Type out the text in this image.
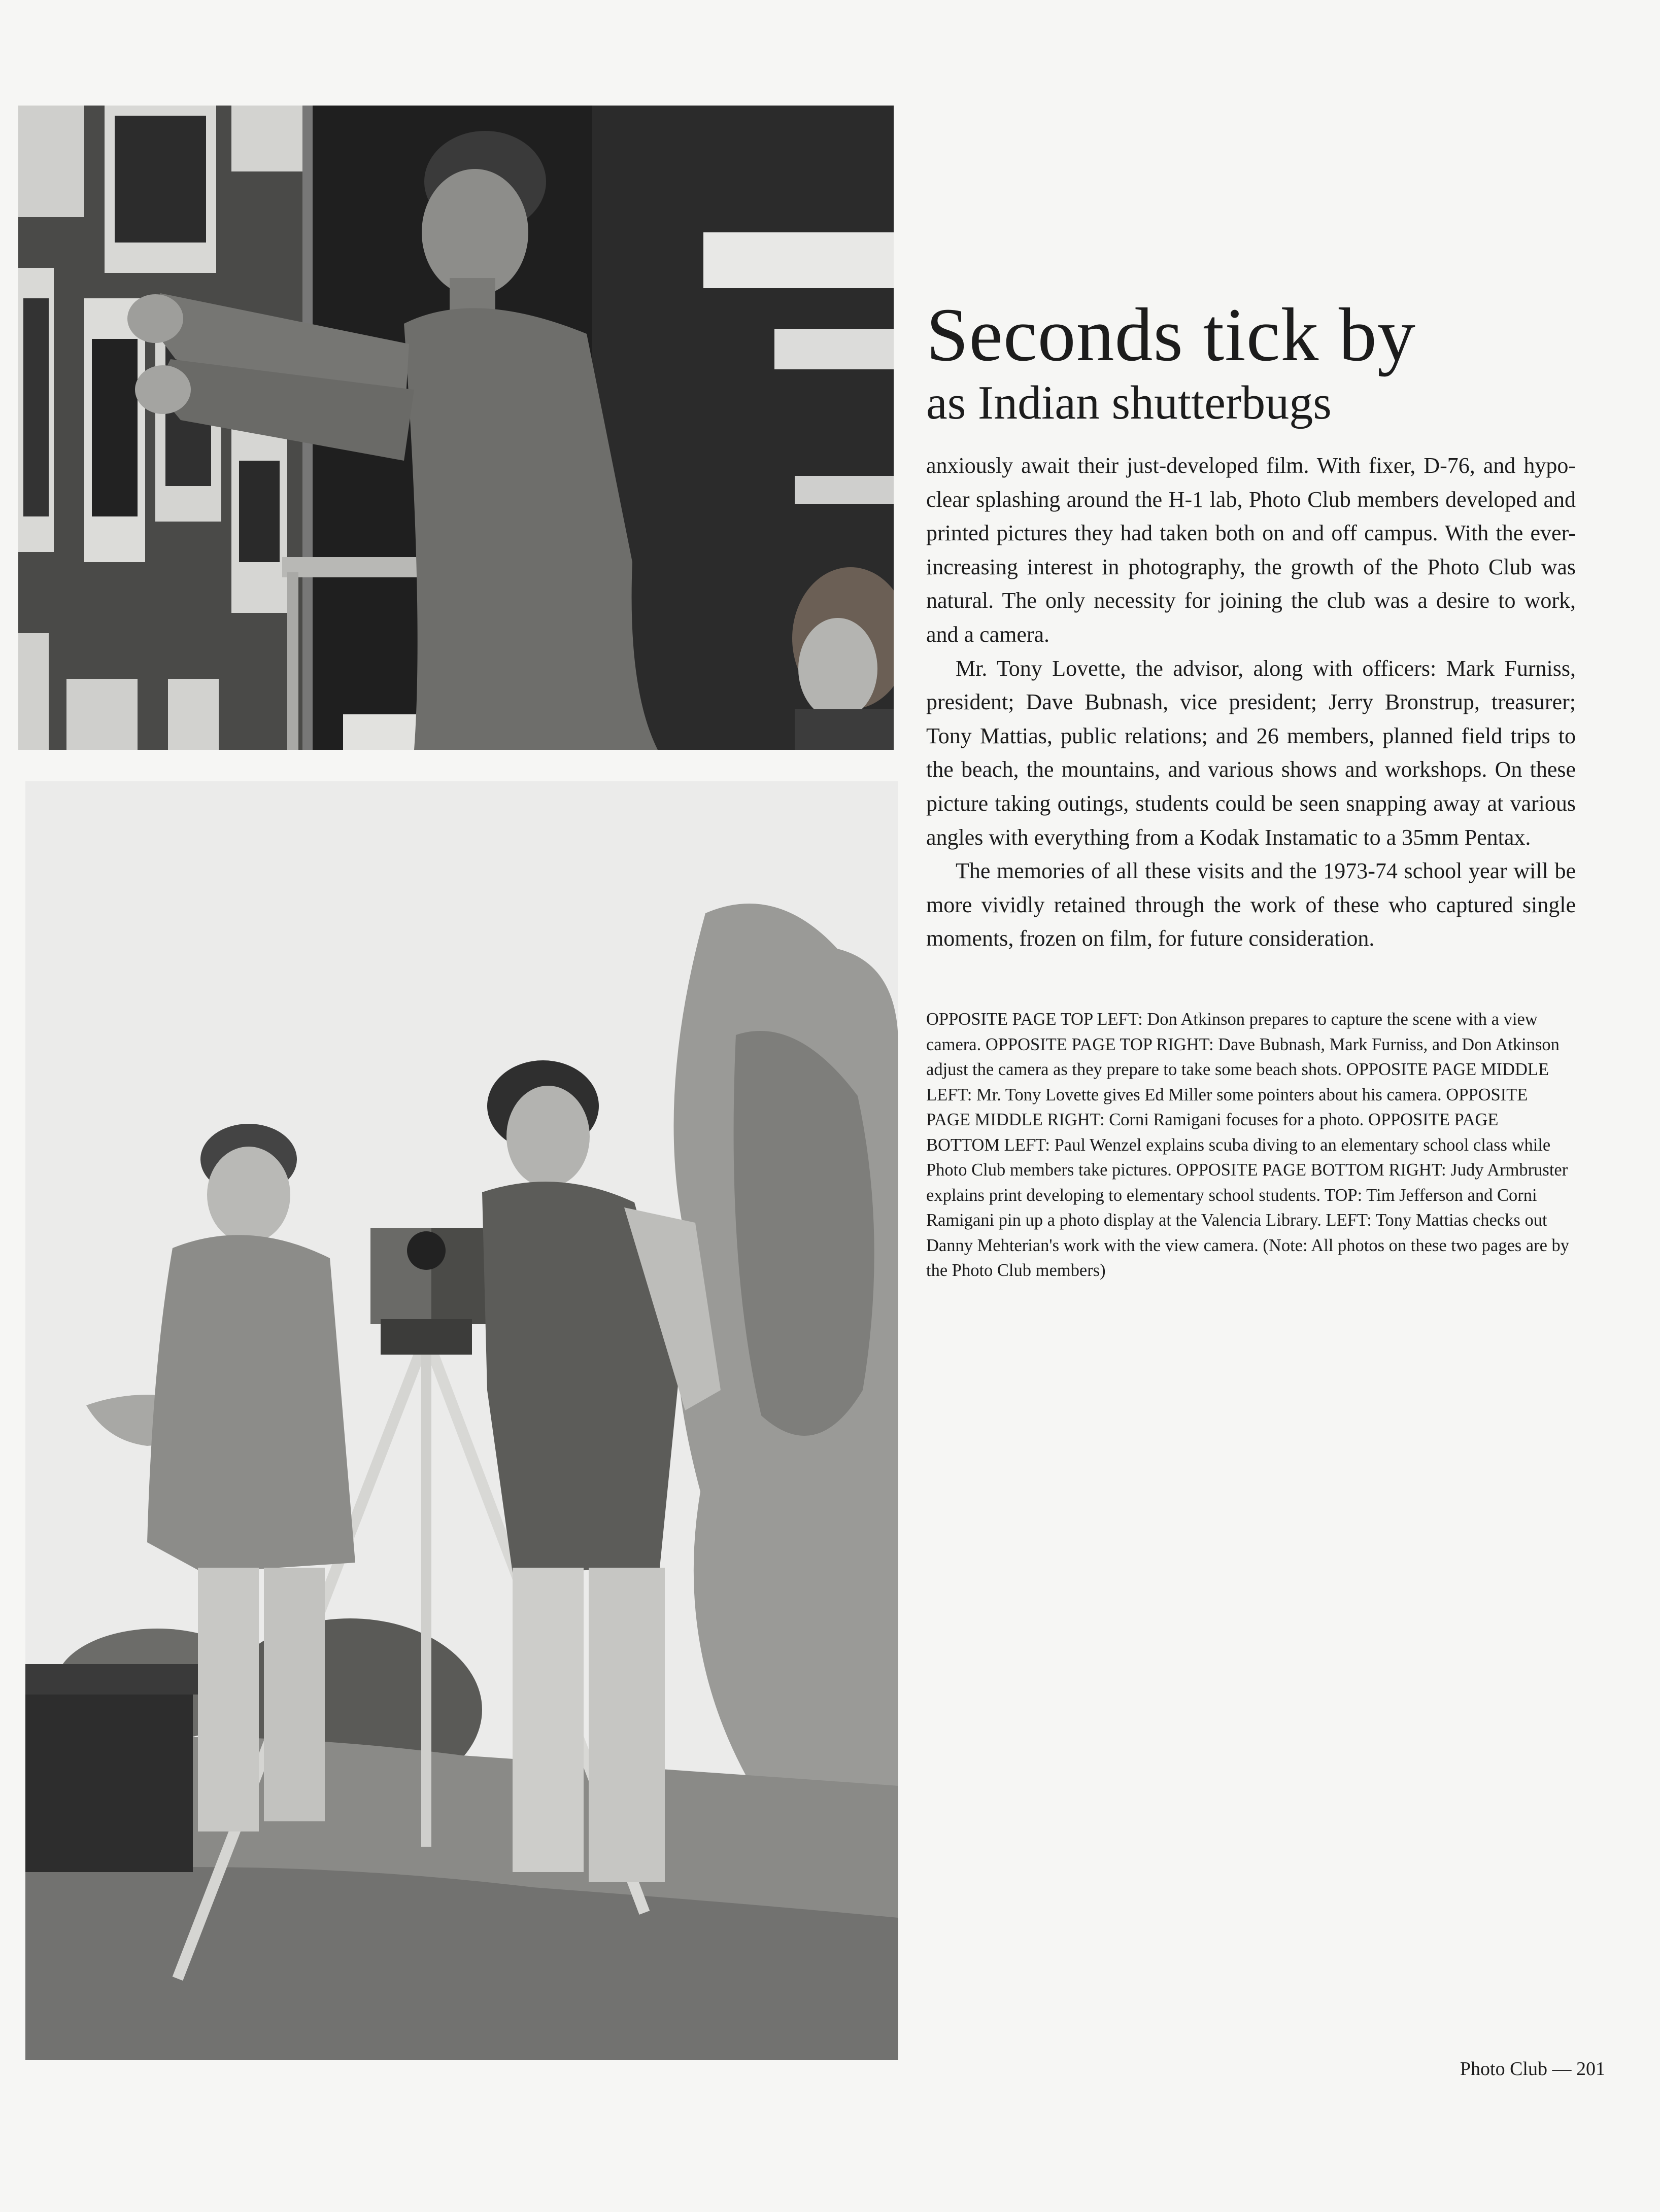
Seconds tick by
as Indian shutterbugs

anxiously await their just-developed film. With fixer, D-76, and hypo-clear splashing around the H-1 lab, Photo Club members developed and printed pictures they had taken both on and off campus. With the ever-increasing interest in photography, the growth of the Photo Club was natural. The only necessity for joining the club was a desire to work, and a camera.

Mr. Tony Lovette, the advisor, along with officers: Mark Furniss, president; Dave Bubnash, vice president; Jerry Bronstrup, treasurer; Tony Mattias, public relations; and 26 members, planned field trips to the beach, the mountains, and various shows and workshops. On these picture taking outings, students could be seen snapping away at various angles with everything from a Kodak Instamatic to a 35mm Pentax.

The memories of all these visits and the 1973-74 school year will be more vividly retained through the work of these who captured single moments, frozen on film, for future consideration.

OPPOSITE PAGE TOP LEFT: Don Atkinson prepares to capture the scene with a view camera. OPPOSITE PAGE TOP RIGHT: Dave Bubnash, Mark Furniss, and Don Atkinson adjust the camera as they prepare to take some beach shots. OPPOSITE PAGE MIDDLE LEFT: Mr. Tony Lovette gives Ed Miller some pointers about his camera. OPPOSITE PAGE MIDDLE RIGHT: Corni Ramigani focuses for a photo. OPPOSITE PAGE BOTTOM LEFT: Paul Wenzel explains scuba diving to an elementary school class while Photo Club members take pictures. OPPOSITE PAGE BOTTOM RIGHT: Judy Armbruster explains print developing to elementary school students. TOP: Tim Jefferson and Corni Ramigani pin up a photo display at the Valencia Library. LEFT: Tony Mattias checks out Danny Mehterian's work with the view camera. (Note: All photos on these two pages are by the Photo Club members)

Photo Club — 201
